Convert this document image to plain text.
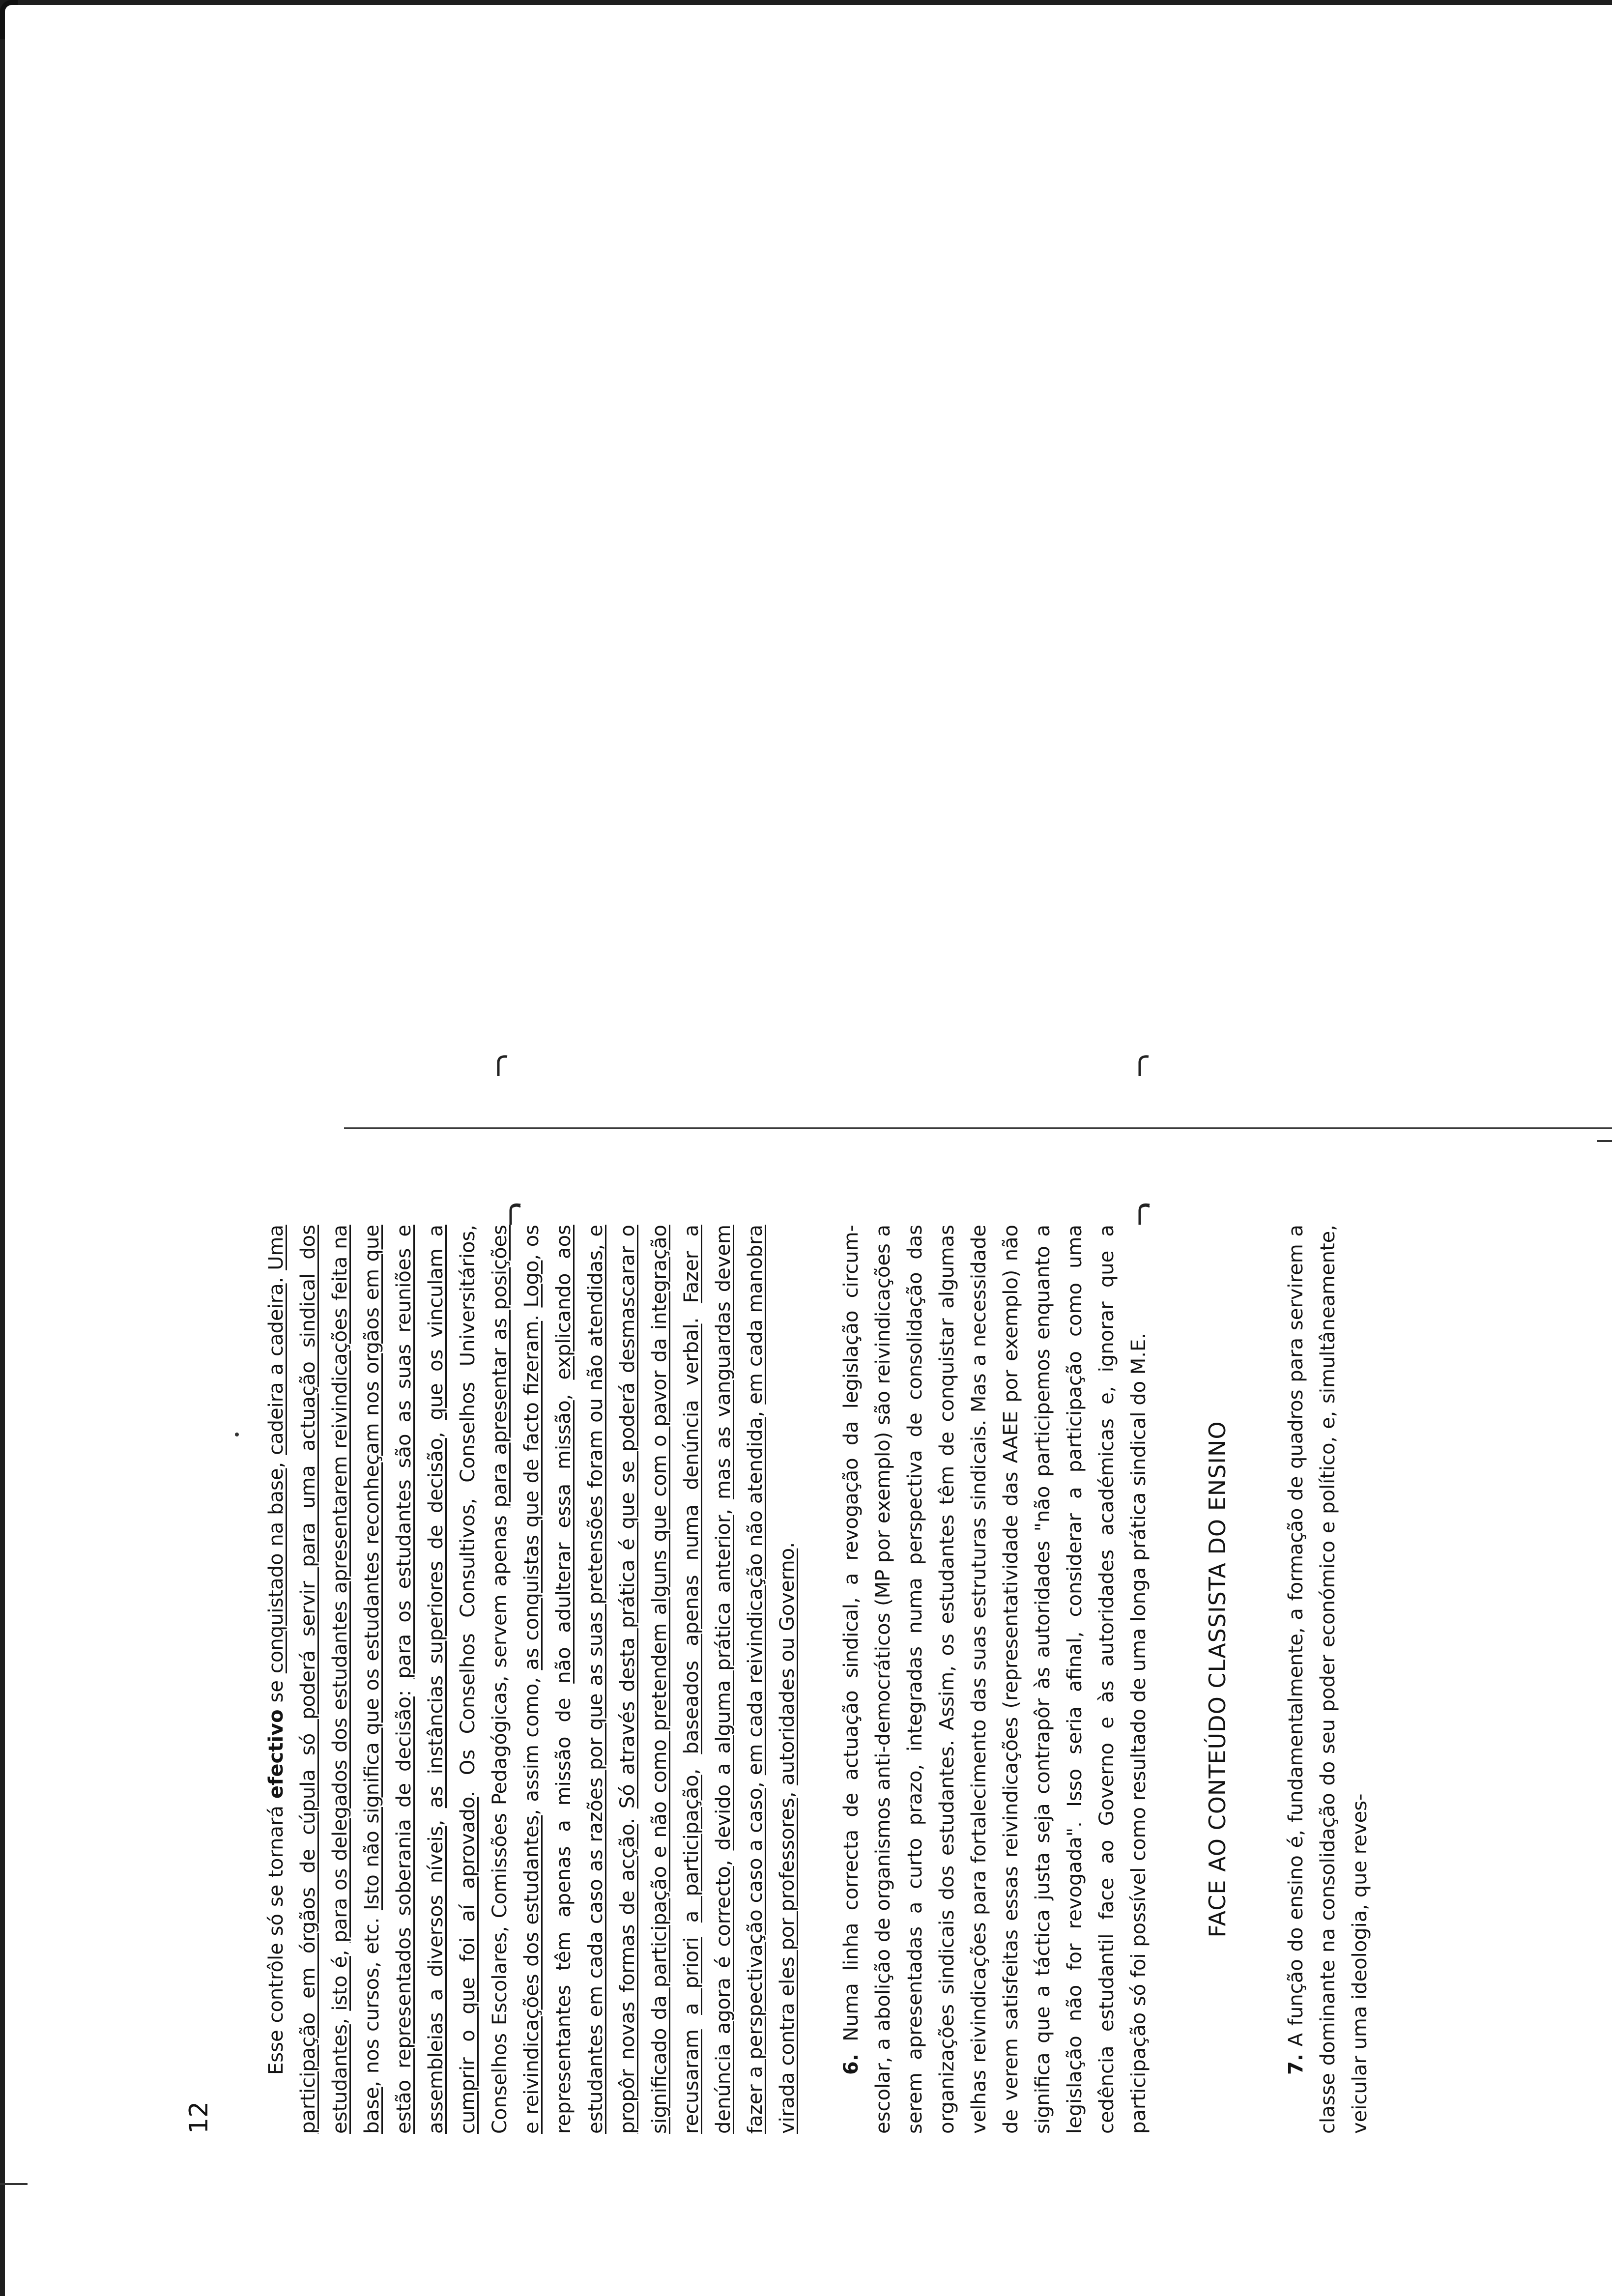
12

Esse contrôle só se tornará efectivo se conquistado na base, cadeira a cadeira. Uma participação em órgãos de cúpula só poderá servir para uma actuação sindical dos estudantes, isto é, para os delegados dos estudantes apresentarem reivindicações feita na base, nos cursos, etc. Isto não significa que os estudantes reconheçam nos orgãos em que estão representados soberania de decisão: para os estudantes são as suas reuniões e assembleias a diversos níveis, as instâncias superiores de decisão, que os vinculam a cumprir o que foi aí aprovado. Os Conselhos Consultivos, Conselhos Universitários, Conselhos Escolares, Comissões Pedagógicas, servem apenas para apresentar as posições e reivindicações dos estudantes, assim como, as conquistas que de facto fizeram. Logo, os representantes têm apenas a missão de não adulterar essa missão, explicando aos estudantes em cada caso as razões por que as suas pretensões foram ou não atendidas, e propôr novas formas de acção. Só através desta prática é que se poderá desmascarar o significado da participação e não como pretendem alguns que com o pavor da integração recusaram a priori a participação, baseados apenas numa denúncia verbal. Fazer a denúncia agora é correcto, devido a alguma prática anterior, mas as vanguardas devem fazer a perspectivação caso a caso, em cada reivindicação não atendida, em cada manobra virada contra eles por professores, autoridades ou Governo.

6. Numa linha correcta de actuação sindical, a revogação da legislação circum-escolar, a abolição de organismos anti-democráticos (MP por exemplo) são reivindicações a serem apresentadas a curto prazo, integradas numa perspectiva de consolidação das organizações sindicais dos estudantes. Assim, os estudantes têm de conquistar algumas velhas reivindicações para fortalecimento das suas estruturas sindicais. Mas a necessidade de verem satisfeitas essas reivindicações (representatividade das AAEE por exemplo) não significa que a táctica justa seja contrapôr às autoridades "não participemos enquanto a legislação não for revogada". Isso seria afinal, considerar a participação como uma cedência estudantil face ao Governo e às autoridades académicas e, ignorar que a participação só foi possível como resultado de uma longa prática sindical do M.E. FACE AO CONTEÚDO CLASSISTA DO ENSINO

7. A função do ensino é, fundamentalmente, a formação de quadros para servirem a classe dominante na consolidação do seu poder económico e político, e, simultâneamente, veicular uma ideologia, que reves-
